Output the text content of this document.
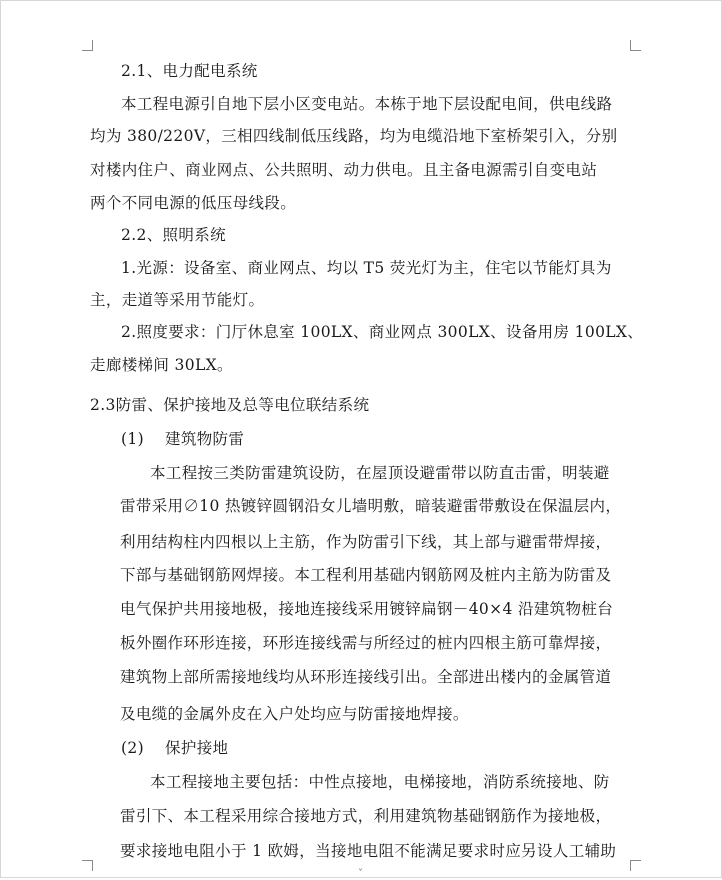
2.1、电力配电系统
本工程电源引自地下层小区变电站。本栋于地下层设配电间，供电线路
均为 380/220V，三相四线制低压线路，均为电缆沿地下室桥架引入，分别
对楼内住户、商业网点、公共照明、动力供电。且主备电源需引自变电站
两个不同电源的低压母线段。
2.2、照明系统
1.光源：设备室、商业网点、均以 T5 荧光灯为主，住宅以节能灯具为
主，走道等采用节能灯。
2.照度要求：门厅休息室 100LX、商业网点 300LX、设备用房 100LX、
走廊楼梯间 30LX。
2.3防雷、保护接地及总等电位联结系统
(1) 建筑物防雷
本工程按三类防雷建筑设防，在屋顶设避雷带以防直击雷，明装避
雷带采用∅10 热镀锌圆钢沿女儿墙明敷，暗装避雷带敷设在保温层内，
利用结构柱内四根以上主筋，作为防雷引下线，其上部与避雷带焊接，
下部与基础钢筋网焊接。本工程利用基础内钢筋网及桩内主筋为防雷及
电气保护共用接地极，接地连接线采用镀锌扁钢－40×4 沿建筑物桩台
板外圈作环形连接，环形连接线需与所经过的桩内四根主筋可靠焊接，
建筑物上部所需接地线均从环形连接线引出。全部进出楼内的金属管道
及电缆的金属外皮在入户处均应与防雷接地焊接。
(2) 保护接地
本工程接地主要包括：中性点接地，电梯接地，消防系统接地、防
雷引下、本工程采用综合接地方式，利用建筑物基础钢筋作为接地极，
要求接地电阻小于 1 欧姆，当接地电阻不能满足要求时应另设人工辅助
ˇ
